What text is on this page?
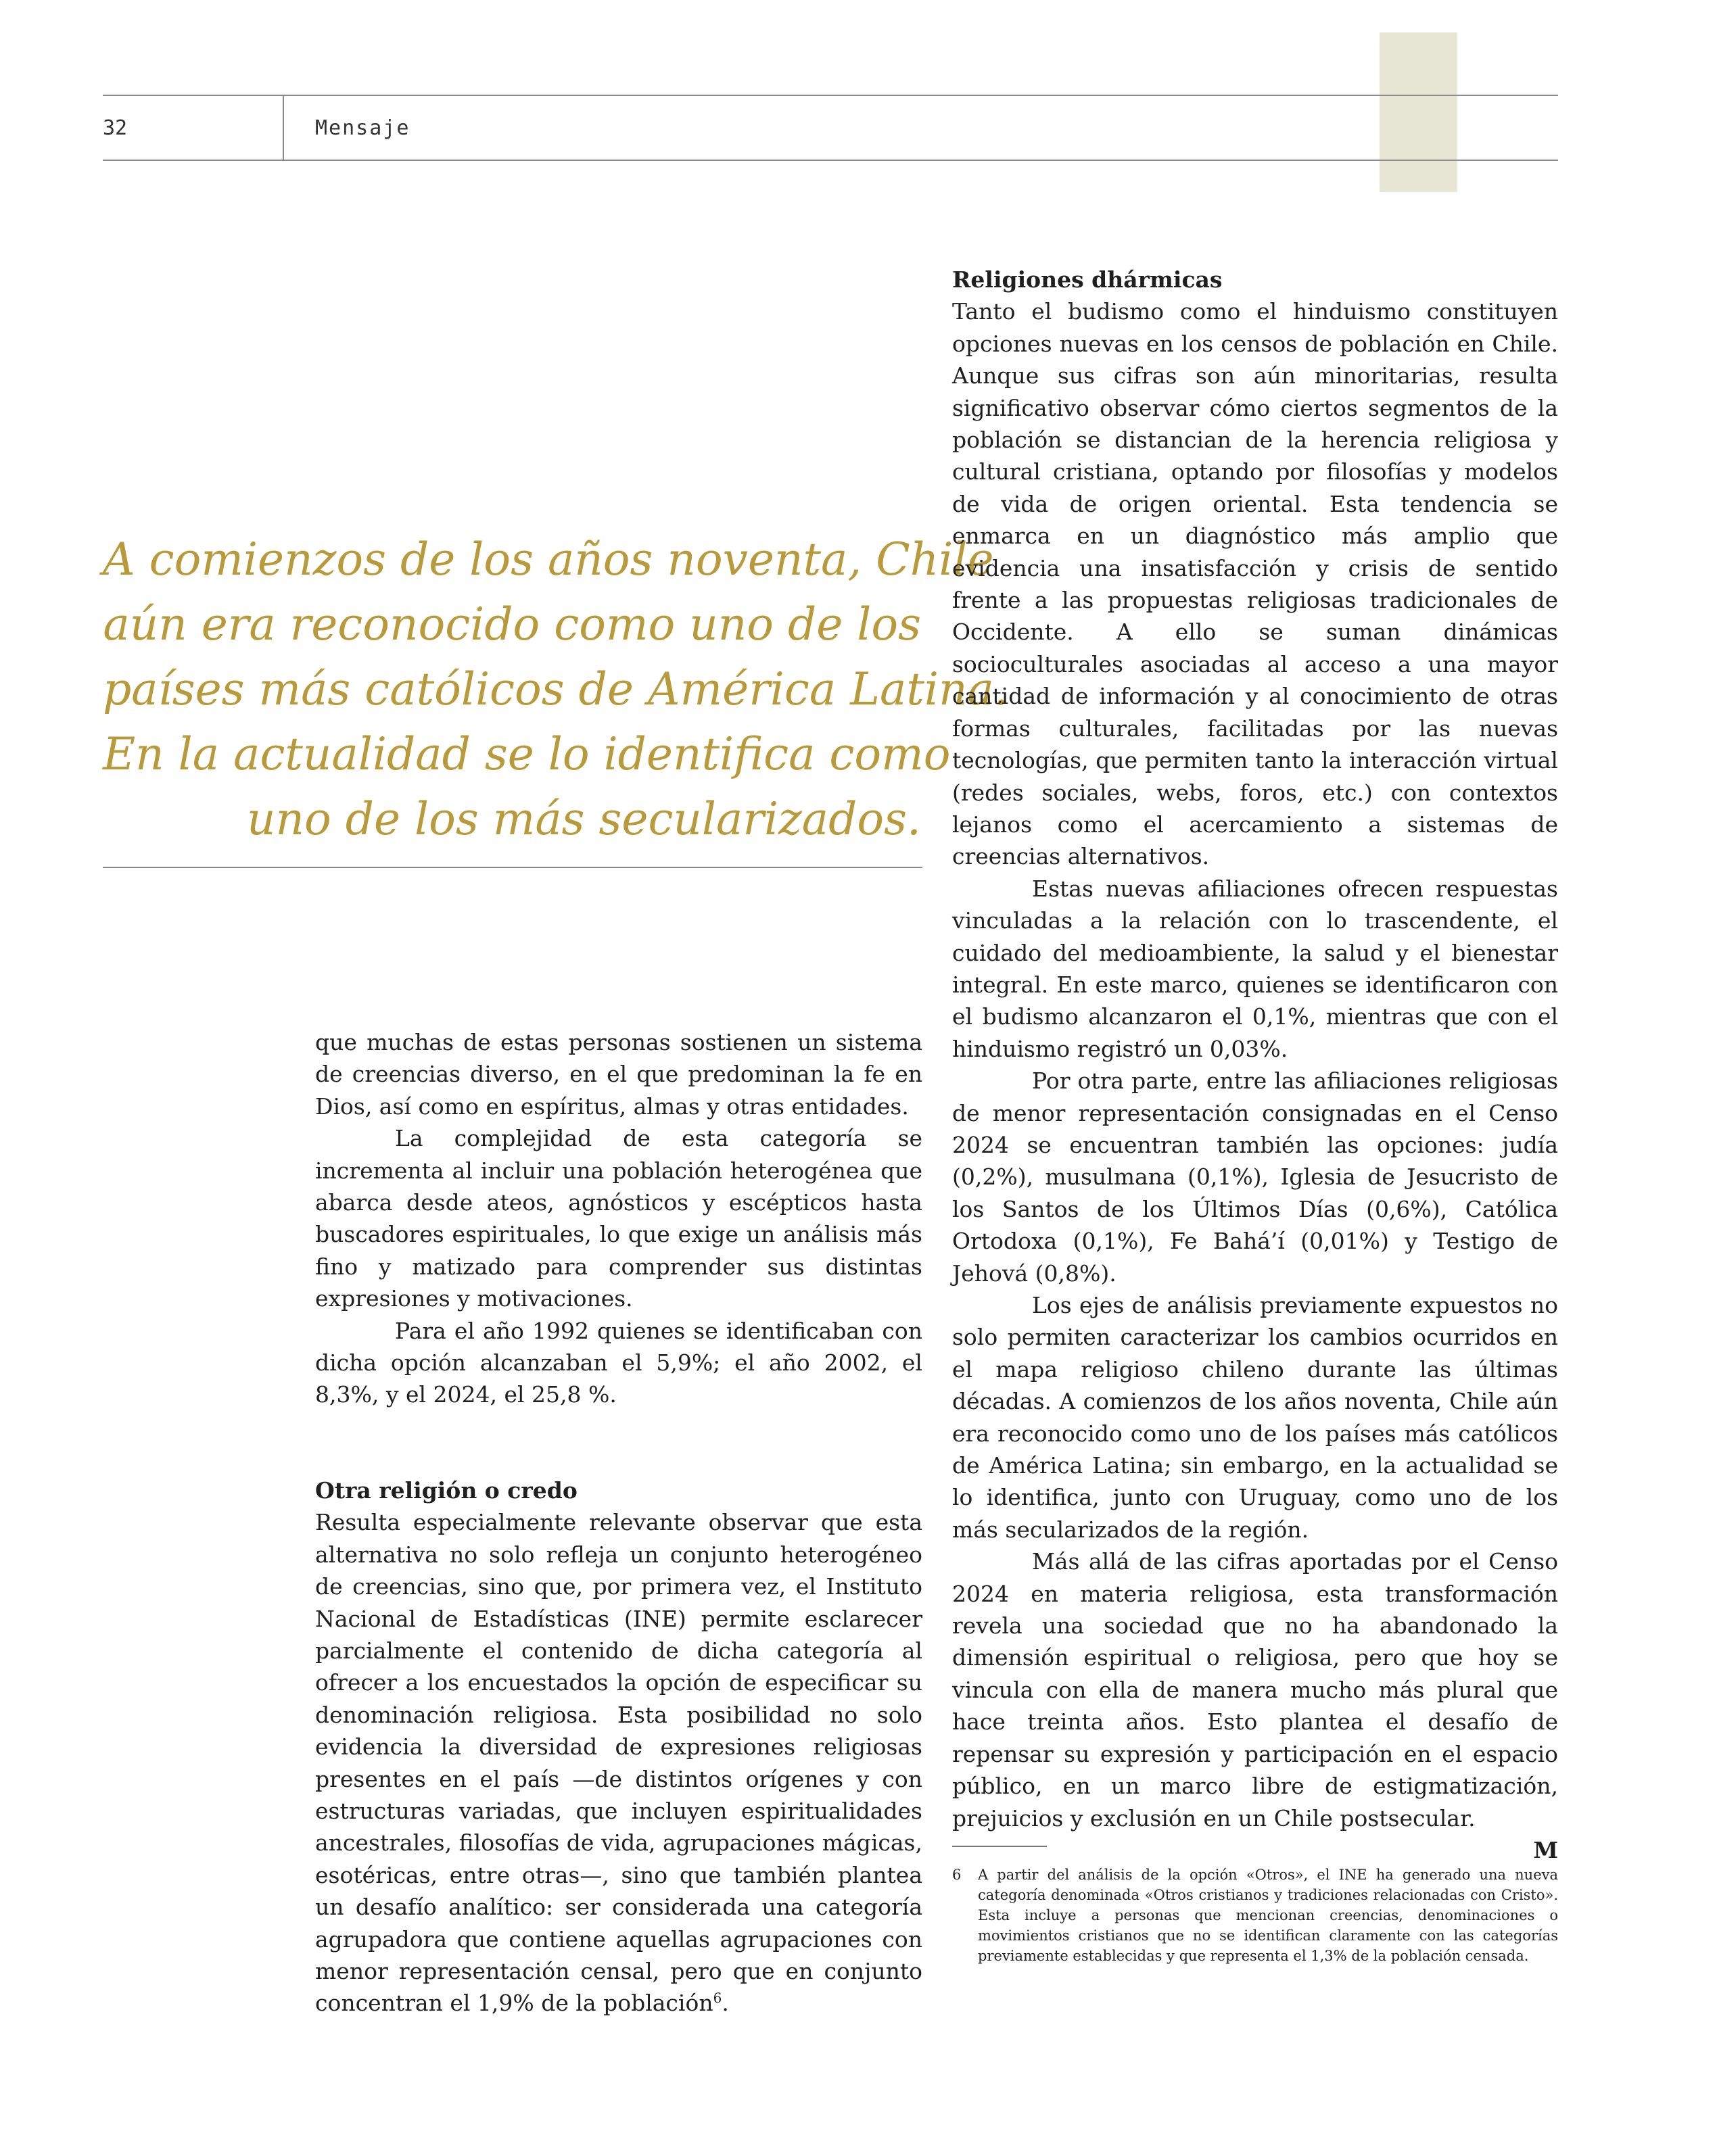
32	Mensaje
A comienzos de los años noventa, Chile
aún era reconocido como uno de los
países más católicos de América Latina.
En la actualidad se lo identifica como
uno de los más secularizados.

que muchas de estas personas sostienen un sistema de creencias diverso, en el que predominan la fe en Dios, así como en espíritus, almas y otras entidades.

La complejidad de esta categoría se incrementa al incluir una población heterogénea que abarca desde ateos, agnósticos y escépticos hasta buscadores espirituales, lo que exige un análisis más fino y matizado para comprender sus distintas expresiones y motivaciones.

Para el año 1992 quienes se identificaban con dicha opción alcanzaban el 5,9%; el año 2002, el 8,3%, y el 2024, el 25,8 %.

Otra religión o credo

Resulta especialmente relevante observar que esta alternativa no solo refleja un conjunto heterogéneo de creencias, sino que, por primera vez, el Instituto Nacional de Estadísticas (INE) permite esclarecer parcialmente el contenido de dicha categoría al ofrecer a los encuestados la opción de especificar su denominación religiosa. Esta posibilidad no solo evidencia la diversidad de expresiones religiosas presentes en el país —de distintos orígenes y con estructuras variadas, que incluyen espiritualidades ancestrales, filosofías de vida, agrupaciones mágicas, esotéricas, entre otras—, sino que también plantea un desafío analítico: ser considerada una categoría agrupadora que contiene aquellas agrupaciones con menor representación censal, pero que en conjunto concentran el 1,9% de la población$^6$.

Religiones dhármicas

Tanto el budismo como el hinduismo constituyen opciones nuevas en los censos de población en Chile. Aunque sus cifras son aún minoritarias, resulta significativo observar cómo ciertos segmentos de la población se distancian de la herencia religiosa y cultural cristiana, optando por filosofías y modelos de vida de origen oriental. Esta tendencia se enmarca en un diagnóstico más amplio que evidencia una insatisfacción y crisis de sentido frente a las propuestas religiosas tradicionales de Occidente. A ello se suman dinámicas socioculturales asociadas al acceso a una mayor cantidad de información y al conocimiento de otras formas culturales, facilitadas por las nuevas tecnologías, que permiten tanto la interacción virtual (redes sociales, webs, foros, etc.) con contextos lejanos como el acercamiento a sistemas de creencias alternativos.

Estas nuevas afiliaciones ofrecen respuestas vinculadas a la relación con lo trascendente, el cuidado del medioambiente, la salud y el bienestar integral. En este marco, quienes se identificaron con el budismo alcanzaron el 0,1%, mientras que con el hinduismo registró un 0,03%.

Por otra parte, entre las afiliaciones religiosas de menor representación consignadas en el Censo 2024 se encuentran también las opciones: judía (0,2%), musulmana (0,1%), Iglesia de Jesucristo de los Santos de los Últimos Días (0,6%), Católica Ortodoxa (0,1%), Fe Bahá’í (0,01%) y Testigo de Jehová (0,8%).

Los ejes de análisis previamente expuestos no solo permiten caracterizar los cambios ocurridos en el mapa religioso chileno durante las últimas décadas. A comienzos de los años noventa, Chile aún era reconocido como uno de los países más católicos de América Latina; sin embargo, en la actualidad se lo identifica, junto con Uruguay, como uno de los más secularizados de la región.

Más allá de las cifras aportadas por el Censo 2024 en materia religiosa, esta transformación revela una sociedad que no ha abandonado la dimensión espiritual o religiosa, pero que hoy se vincula con ella de manera mucho más plural que hace treinta años. Esto plantea el desafío de repensar su expresión y participación en el espacio público, en un marco libre de estigmatización, prejuicios y exclusión en un Chile postsecular.
M

6 A partir del análisis de la opción «Otros», el INE ha generado una nueva categoría denominada «Otros cristianos y tradiciones relacionadas con Cristo». Esta incluye a personas que mencionan creencias, denominaciones o movimientos cristianos que no se identifican claramente con las categorías previamente establecidas y que representa el 1,3% de la población censada.
